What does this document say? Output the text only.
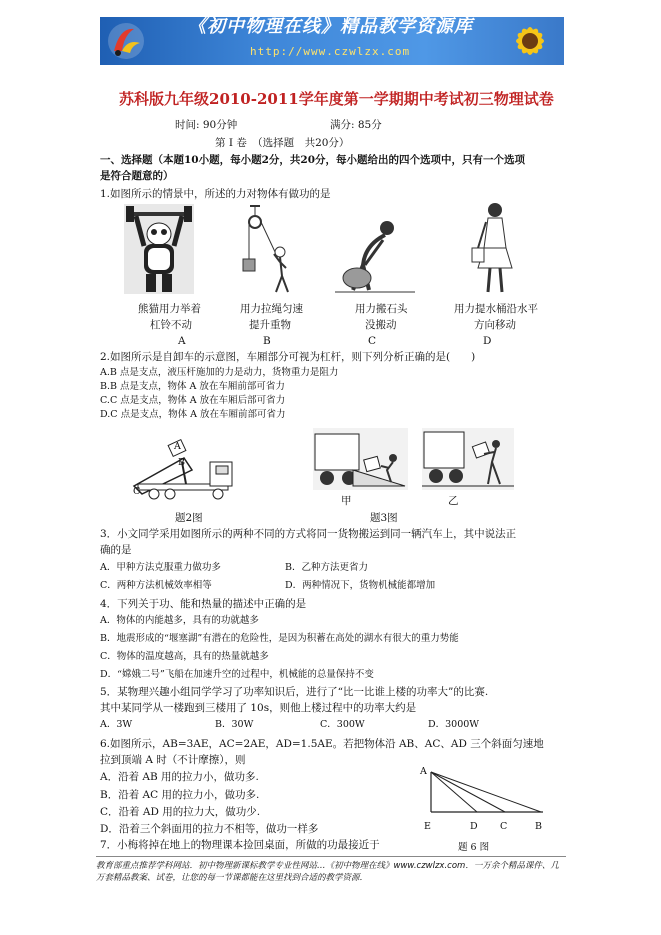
《初中物理在线》精品教学资源库
http://www.czwlzx.com
苏科版九年级2010-2011学年度第一学期期中考试初三物理试卷
时间: 90分钟	满分: 85分
第 I 卷　（选择题　共20分）
一、选择题（本题10小题，每小题2分，共20分，每小题给出的四个选项中，只有一个选项
是符合题意的）
1.如图所示的情景中，所述的力对物体有做功的是
熊猫用力举着
杠铃不动
A
用力拉绳匀速
提升重物
B
用力搬石头
没搬动
C
用力提水桶沿水平
方向移动
D
2.如图所示是自卸车的示意图，车厢部分可视为杠杆，则下列分析正确的是(　　)
A.B 点是支点，液压杆施加的力是动力，货物重力是阻力
B.B 点是支点，物体 A 放在车厢前部可省力
C.C 点是支点，物体 A 放在车厢后部可省力
D.C 点是支点，物体 A 放在车厢前部可省力
A
B
C
题2图
甲	乙
题3图
3．小文同学采用如图所示的两种不同的方式将同一货物搬运到同一辆汽车上，其中说法正
确的是
A．甲种方法克服重力做功多	B．乙种方法更省力
C．两种方法机械效率相等	D．两种情况下，货物机械能都增加
4．下列关于功、能和热量的描述中正确的是
A．物体的内能越多，具有的功就越多
B．地震形成的“堰塞湖”有潜在的危险性，是因为积蓄在高处的湖水有很大的重力势能
C．物体的温度越高，具有的热量就越多
D．“嫦娥二号”飞船在加速升空的过程中，机械能的总量保持不变
5．某物理兴趣小组同学学习了功率知识后，进行了“比一比谁上楼的功率大”的比赛.
其中某同学从一楼跑到三楼用了 10s，则他上楼过程中的功率大约是
A．3W	B．30W	C．300W	D．3000W
6.如图所示，AB=3AE，AC=2AE，AD=1.5AE。若把物体沿 AB、AC、AD 三个斜面匀速地
拉到顶端 A 时（不计摩擦），则
A．沿着 AB 用的拉力小，做功多.
B．沿着 AC 用的拉力小，做功多.
C．沿着 AD 用的拉力大，做功少.
D．沿着三个斜面用的拉力不相等，做功一样多
A
E	D C	B
题 6 图
7．小梅将掉在地上的物理课本捡回桌面，所做的功最接近于
教育部重点推荐学科网站．初中物理新课标教学专业性网站…《初中物理在线》www.czwlzx.com．一万余个精品课件、几万套精品教案、试卷，让您的每一节课都能在这里找到合适的教学资源．
